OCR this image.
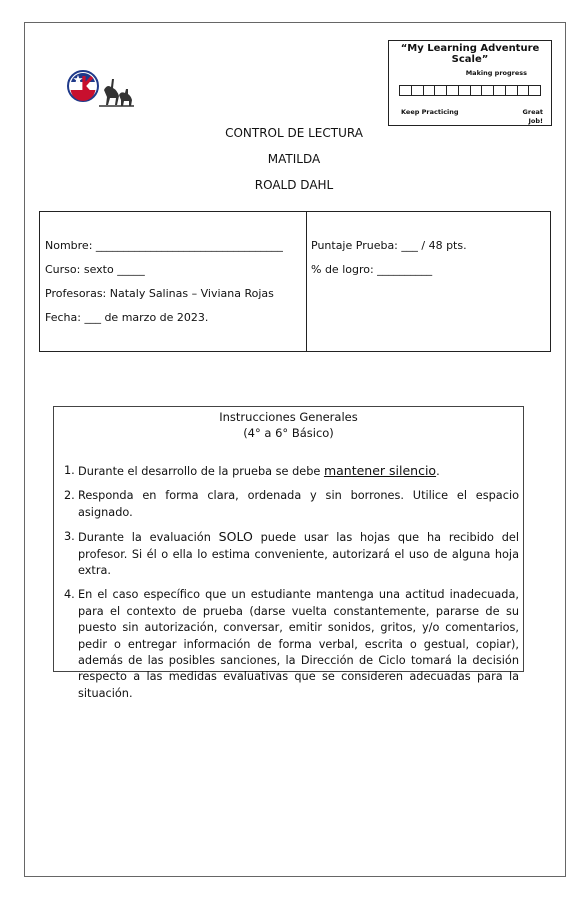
“My Learning Adventure Scale”
Making progress
Keep Practicing	Great
Job!
CONTROL DE LECTURA
MATILDA
ROALD DAHL
Nombre: __________________________________
Curso: sexto _____
Profesoras: Nataly Salinas – Viviana Rojas
Fecha: ___ de marzo de 2023.
Puntaje Prueba: ___ / 48 pts.
% de logro: __________
Instrucciones Generales
(4° a 6° Básico)
1. Durante el desarrollo de la prueba se debe mantener silencio.
2. Responda en forma clara, ordenada y sin borrones. Utilice el espacio asignado.
3. Durante la evaluación SOLO puede usar las hojas que ha recibido del profesor. Si él o ella lo estima conveniente, autorizará el uso de alguna hoja extra.
4. En el caso específico que un estudiante mantenga una actitud inadecuada, para el contexto de prueba (darse vuelta constantemente, pararse de su puesto sin autorización, conversar, emitir sonidos, gritos, y/o comentarios, pedir o entregar información de forma verbal, escrita o gestual, copiar), además de las posibles sanciones, la Dirección de Ciclo tomará la decisión respecto a las medidas evaluativas que se consideren adecuadas para la situación.
